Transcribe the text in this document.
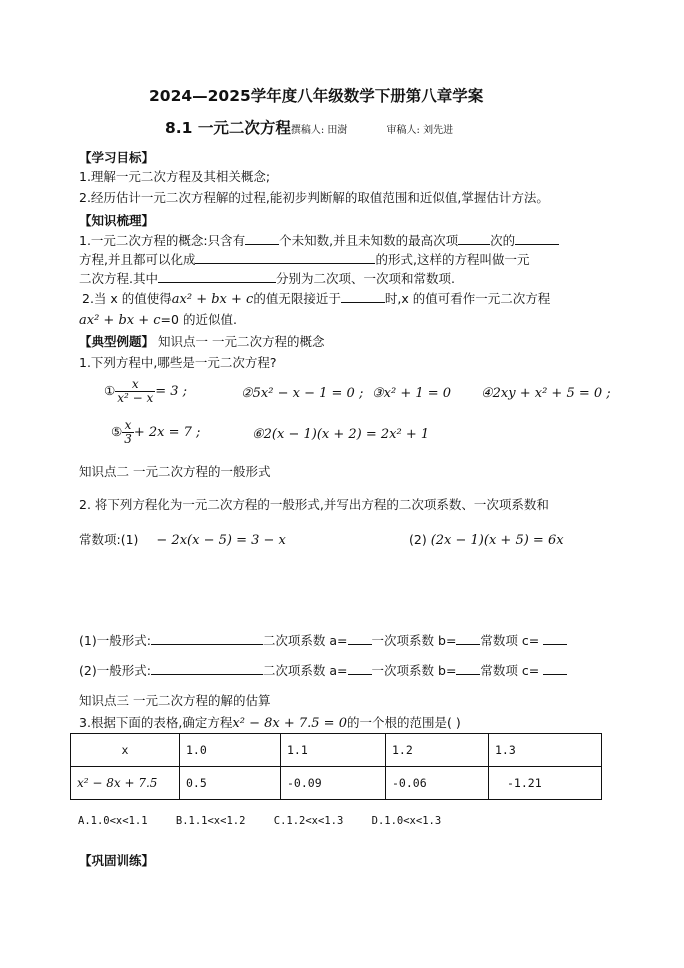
2024—2025学年度八年级数学下册第八章学案
8.1 一元二次方程撰稿人: 田澍	审稿人: 刘先进
【学习目标】
1.理解一元二次方程及其相关概念;
2.经历估计一元二次方程解的过程,能初步判断解的取值范围和近似值,掌握估计方法。
【知识梳理】
1.一元二次方程的概念:只含有	个未知数,并且未知数的最高次项	次的
方程,并且都可以化成	的形式,这样的方程叫做一元
二次方程.其中	分别为二次项、一次项和常数项.
2.当 x 的值使得ax² + bx + c的值无限接近于	时,x 的值可看作一元二次方程
ax² + bx + c=0 的近似值.
【典型例题】 知识点一 一元二次方程的概念
1.下列方程中,哪些是一元二次方程?
① $\frac{x}{\text{x² − x}} = 3$ ;	②5x² − x − 1 = 0 ; ③x² + 1 = 0 ④2xy + x² + 5 = 0 ;
⑤ $\frac{x}{3} + 2x = 7$ ;	⑥2(x − 1)(x + 2) = 2x² + 1
知识点二 一元二次方程的一般形式
2. 将下列方程化为一元二次方程的一般形式,并写出方程的二次项系数、一次项系数和
常数项:(1) − 2x(x − 5) = 3 − x	(2) (2x − 1)(x + 5) = 6x
(1)一般形式:	二次项系数 a= 一次项系数 b= 常数项 c=
(2)一般形式:	二次项系数 a= 一次项系数 b= 常数项 c=
知识点三 一元二次方程的解的估算
3.根据下面的表格,确定方程x² − 8x + 7.5 = 0的一个根的范围是( )
x	1.0	1.1	1.2	1.3
x² − 8x + 7.5	0.5	-0.09	-0.06	-1.21
A.1.0<x<1.1	B.1.1<x<1.2	C.1.2<x<1.3	D.1.0<x<1.3
【巩固训练】
